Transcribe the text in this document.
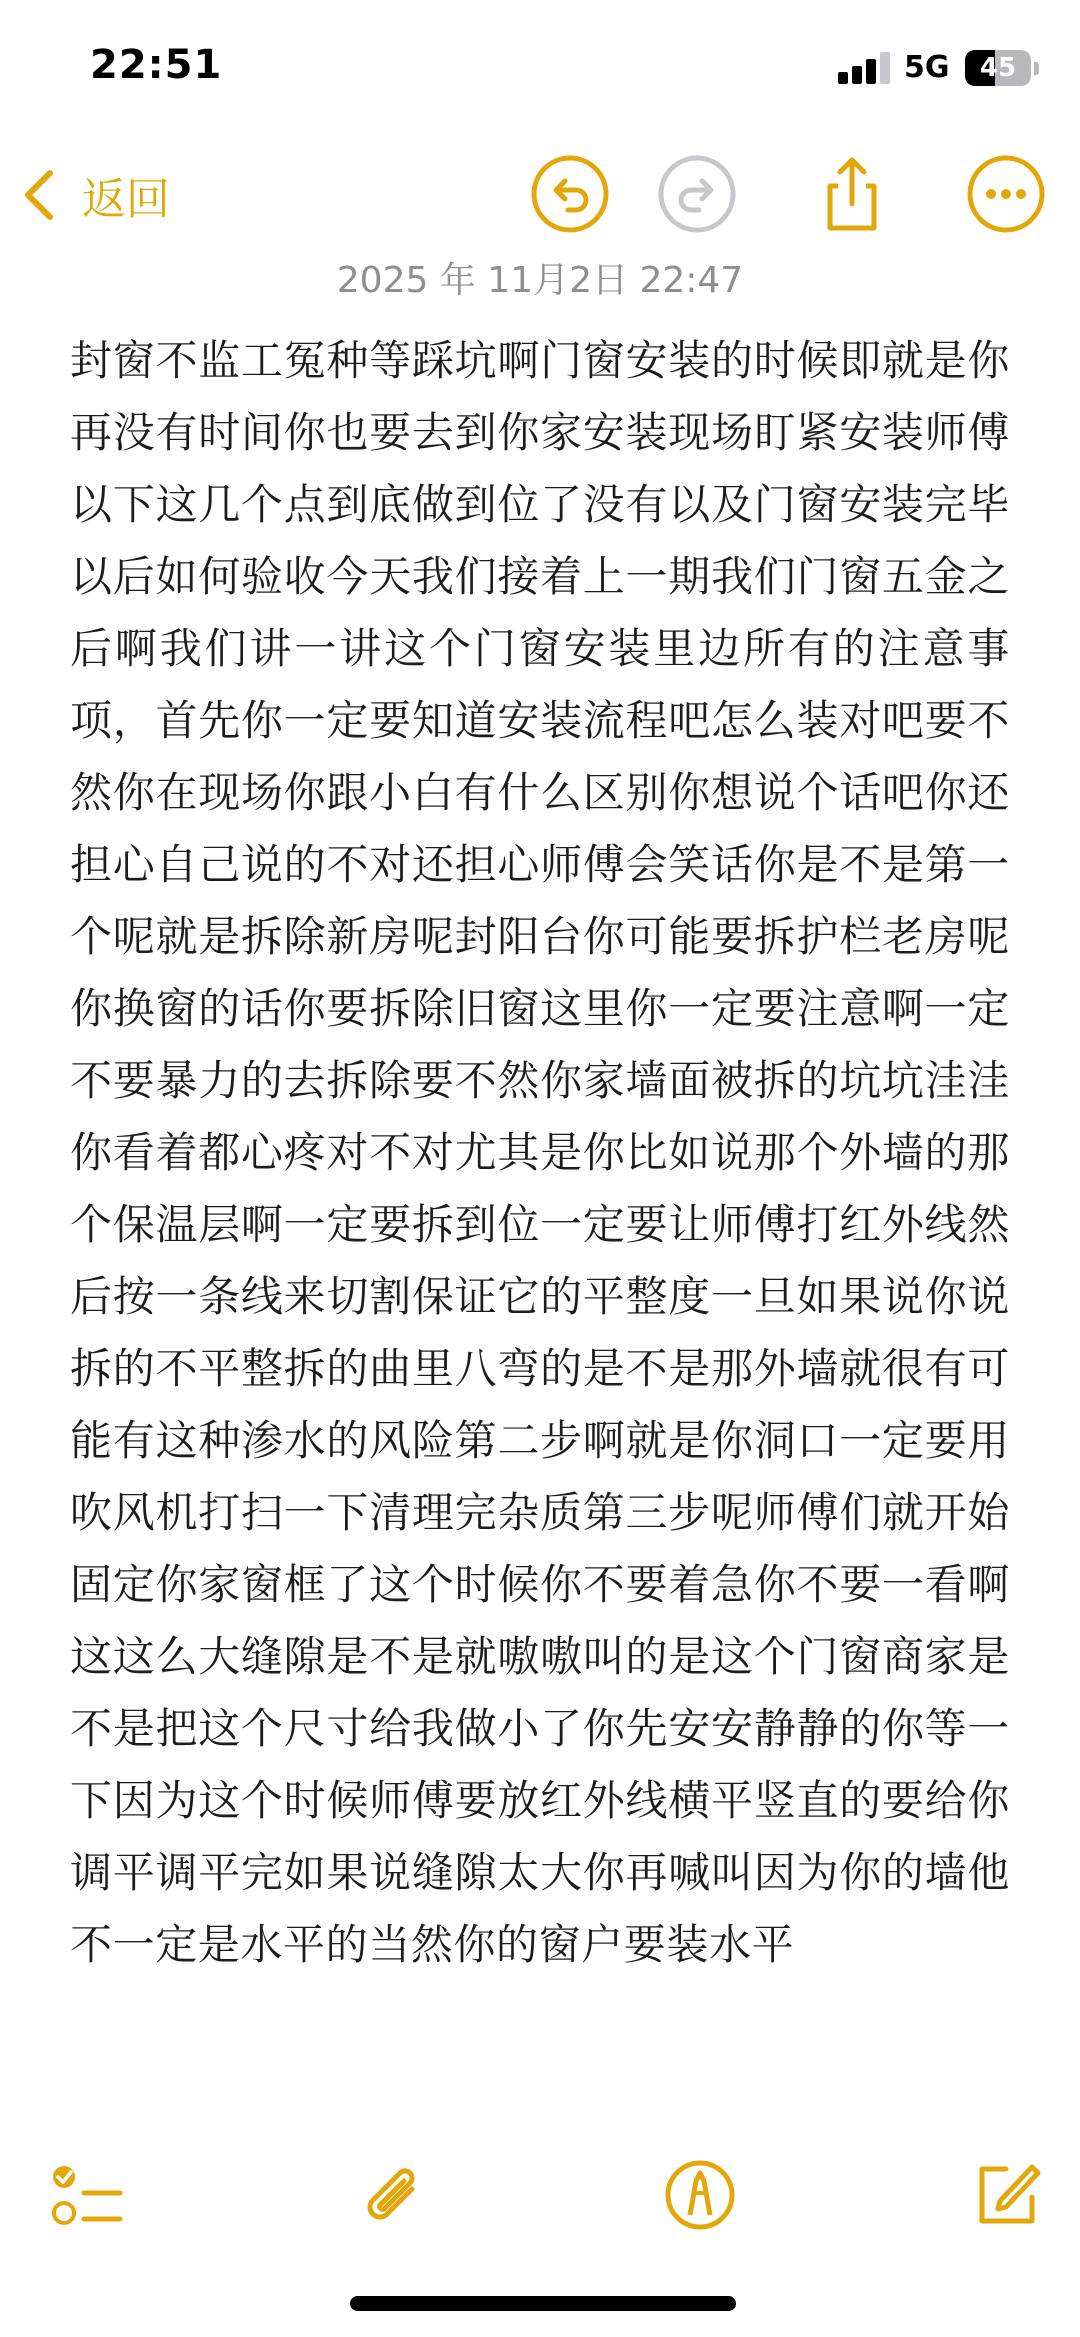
22:51	5G	45
返回
2025 年 11月2日 22:47
封窗不监工冤种等踩坑啊门窗安装的时候即就是你再没有时间你也要去到你家安装现场盯紧安装师傅以下这几个点到底做到位了没有以及门窗安装完毕以后如何验收今天我们接着上一期我们门窗五金之后啊我们讲一讲这个门窗安装里边所有的注意事项，首先你一定要知道安装流程吧怎么装对吧要不然你在现场你跟小白有什么区别你想说个话吧你还担心自己说的不对还担心师傅会笑话你是不是第一个呢就是拆除新房呢封阳台你可能要拆护栏老房呢你换窗的话你要拆除旧窗这里你一定要注意啊一定不要暴力的去拆除要不然你家墙面被拆的坑坑洼洼你看着都心疼对不对尤其是你比如说那个外墙的那个保温层啊一定要拆到位一定要让师傅打红外线然后按一条线来切割保证它的平整度一旦如果说你说拆的不平整拆的曲里八弯的是不是那外墙就很有可能有这种渗水的风险第二步啊就是你洞口一定要用吹风机打扫一下清理完杂质第三步呢师傅们就开始固定你家窗框了这个时候你不要着急你不要一看啊这这么大缝隙是不是就嗷嗷叫的是这个门窗商家是不是把这个尺寸给我做小了你先安安静静的你等一下因为这个时候师傅要放红外线横平竖直的要给你调平调平完如果说缝隙太大你再喊叫因为你的墙他不一定是水平的当然你的窗户要装水平
